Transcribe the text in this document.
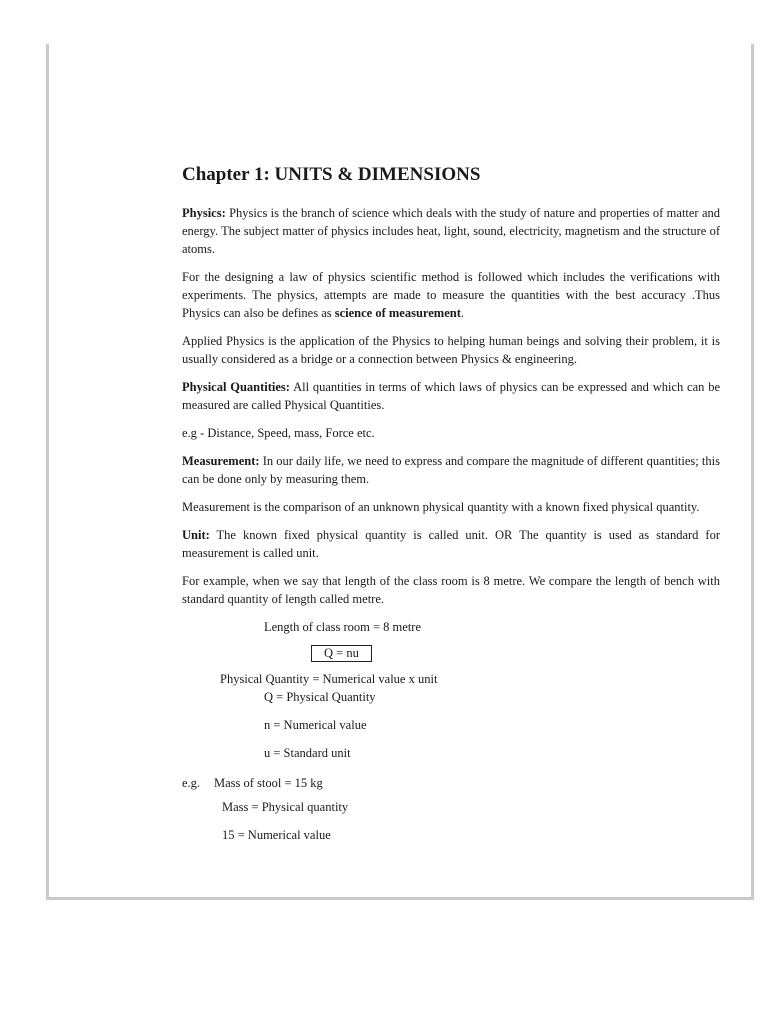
Chapter 1: UNITS & DIMENSIONS

Physics: Physics is the branch of science which deals with the study of nature and properties of matter and energy. The subject matter of physics includes heat, light, sound, electricity, magnetism and the structure of atoms.

For the designing a law of physics scientific method is followed which includes the verifications with experiments. The physics, attempts are made to measure the quantities with the best accuracy .Thus Physics can also be defines as science of measurement.

Applied Physics is the application of the Physics to helping human beings and solving their problem, it is usually considered as a bridge or a connection between Physics & engineering.

Physical Quantities: All quantities in terms of which laws of physics can be expressed and which can be measured are called Physical Quantities.

e.g - Distance, Speed, mass, Force etc.

Measurement: In our daily life, we need to express and compare the magnitude of different quantities; this can be done only by measuring them.

Measurement is the comparison of an unknown physical quantity with a known fixed physical quantity.

Unit: The known fixed physical quantity is called unit. OR The quantity is used as standard for measurement is called unit.

For example, when we say that length of the class room is 8 metre. We compare the length of bench with standard quantity of length called metre.

Length of class room = 8 metre
Q = nu
Physical Quantity = Numerical value x unit
Q = Physical Quantity
n = Numerical value
u = Standard unit
e.g. Mass of stool = 15 kg
Mass = Physical quantity
15 = Numerical value
